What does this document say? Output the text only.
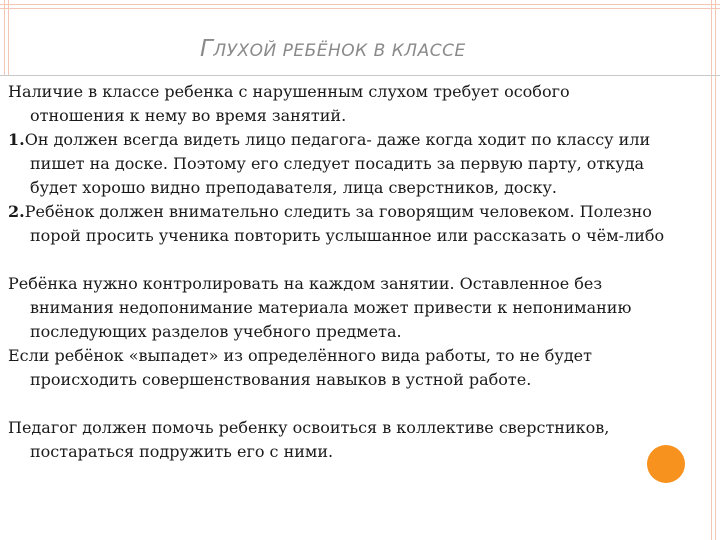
ГЛУХОЙ РЕБЁНОК В КЛАССЕ

Наличие в классе ребенка с нарушенным слухом требует особого
отношения к нему во время занятий.

1.Он должен всегда видеть лицо педагога- даже когда ходит по классу или
пишет на доске. Поэтому его следует посадить за первую парту, откуда
будет хорошо видно преподавателя, лица сверстников, доску.

2.Ребёнок должен внимательно следить за говорящим человеком. Полезно
порой просить ученика повторить услышанное или рассказать о чём-либо

Ребёнка нужно контролировать на каждом занятии. Оставленное без
внимания недопонимание материала может привести к непониманию
последующих разделов учебного предмета.

Если ребёнок «выпадет» из определённого вида работы, то не будет
происходить совершенствования навыков в устной работе.

Педагог должен помочь ребенку освоиться в коллективе сверстников,
постараться подружить его с ними.
